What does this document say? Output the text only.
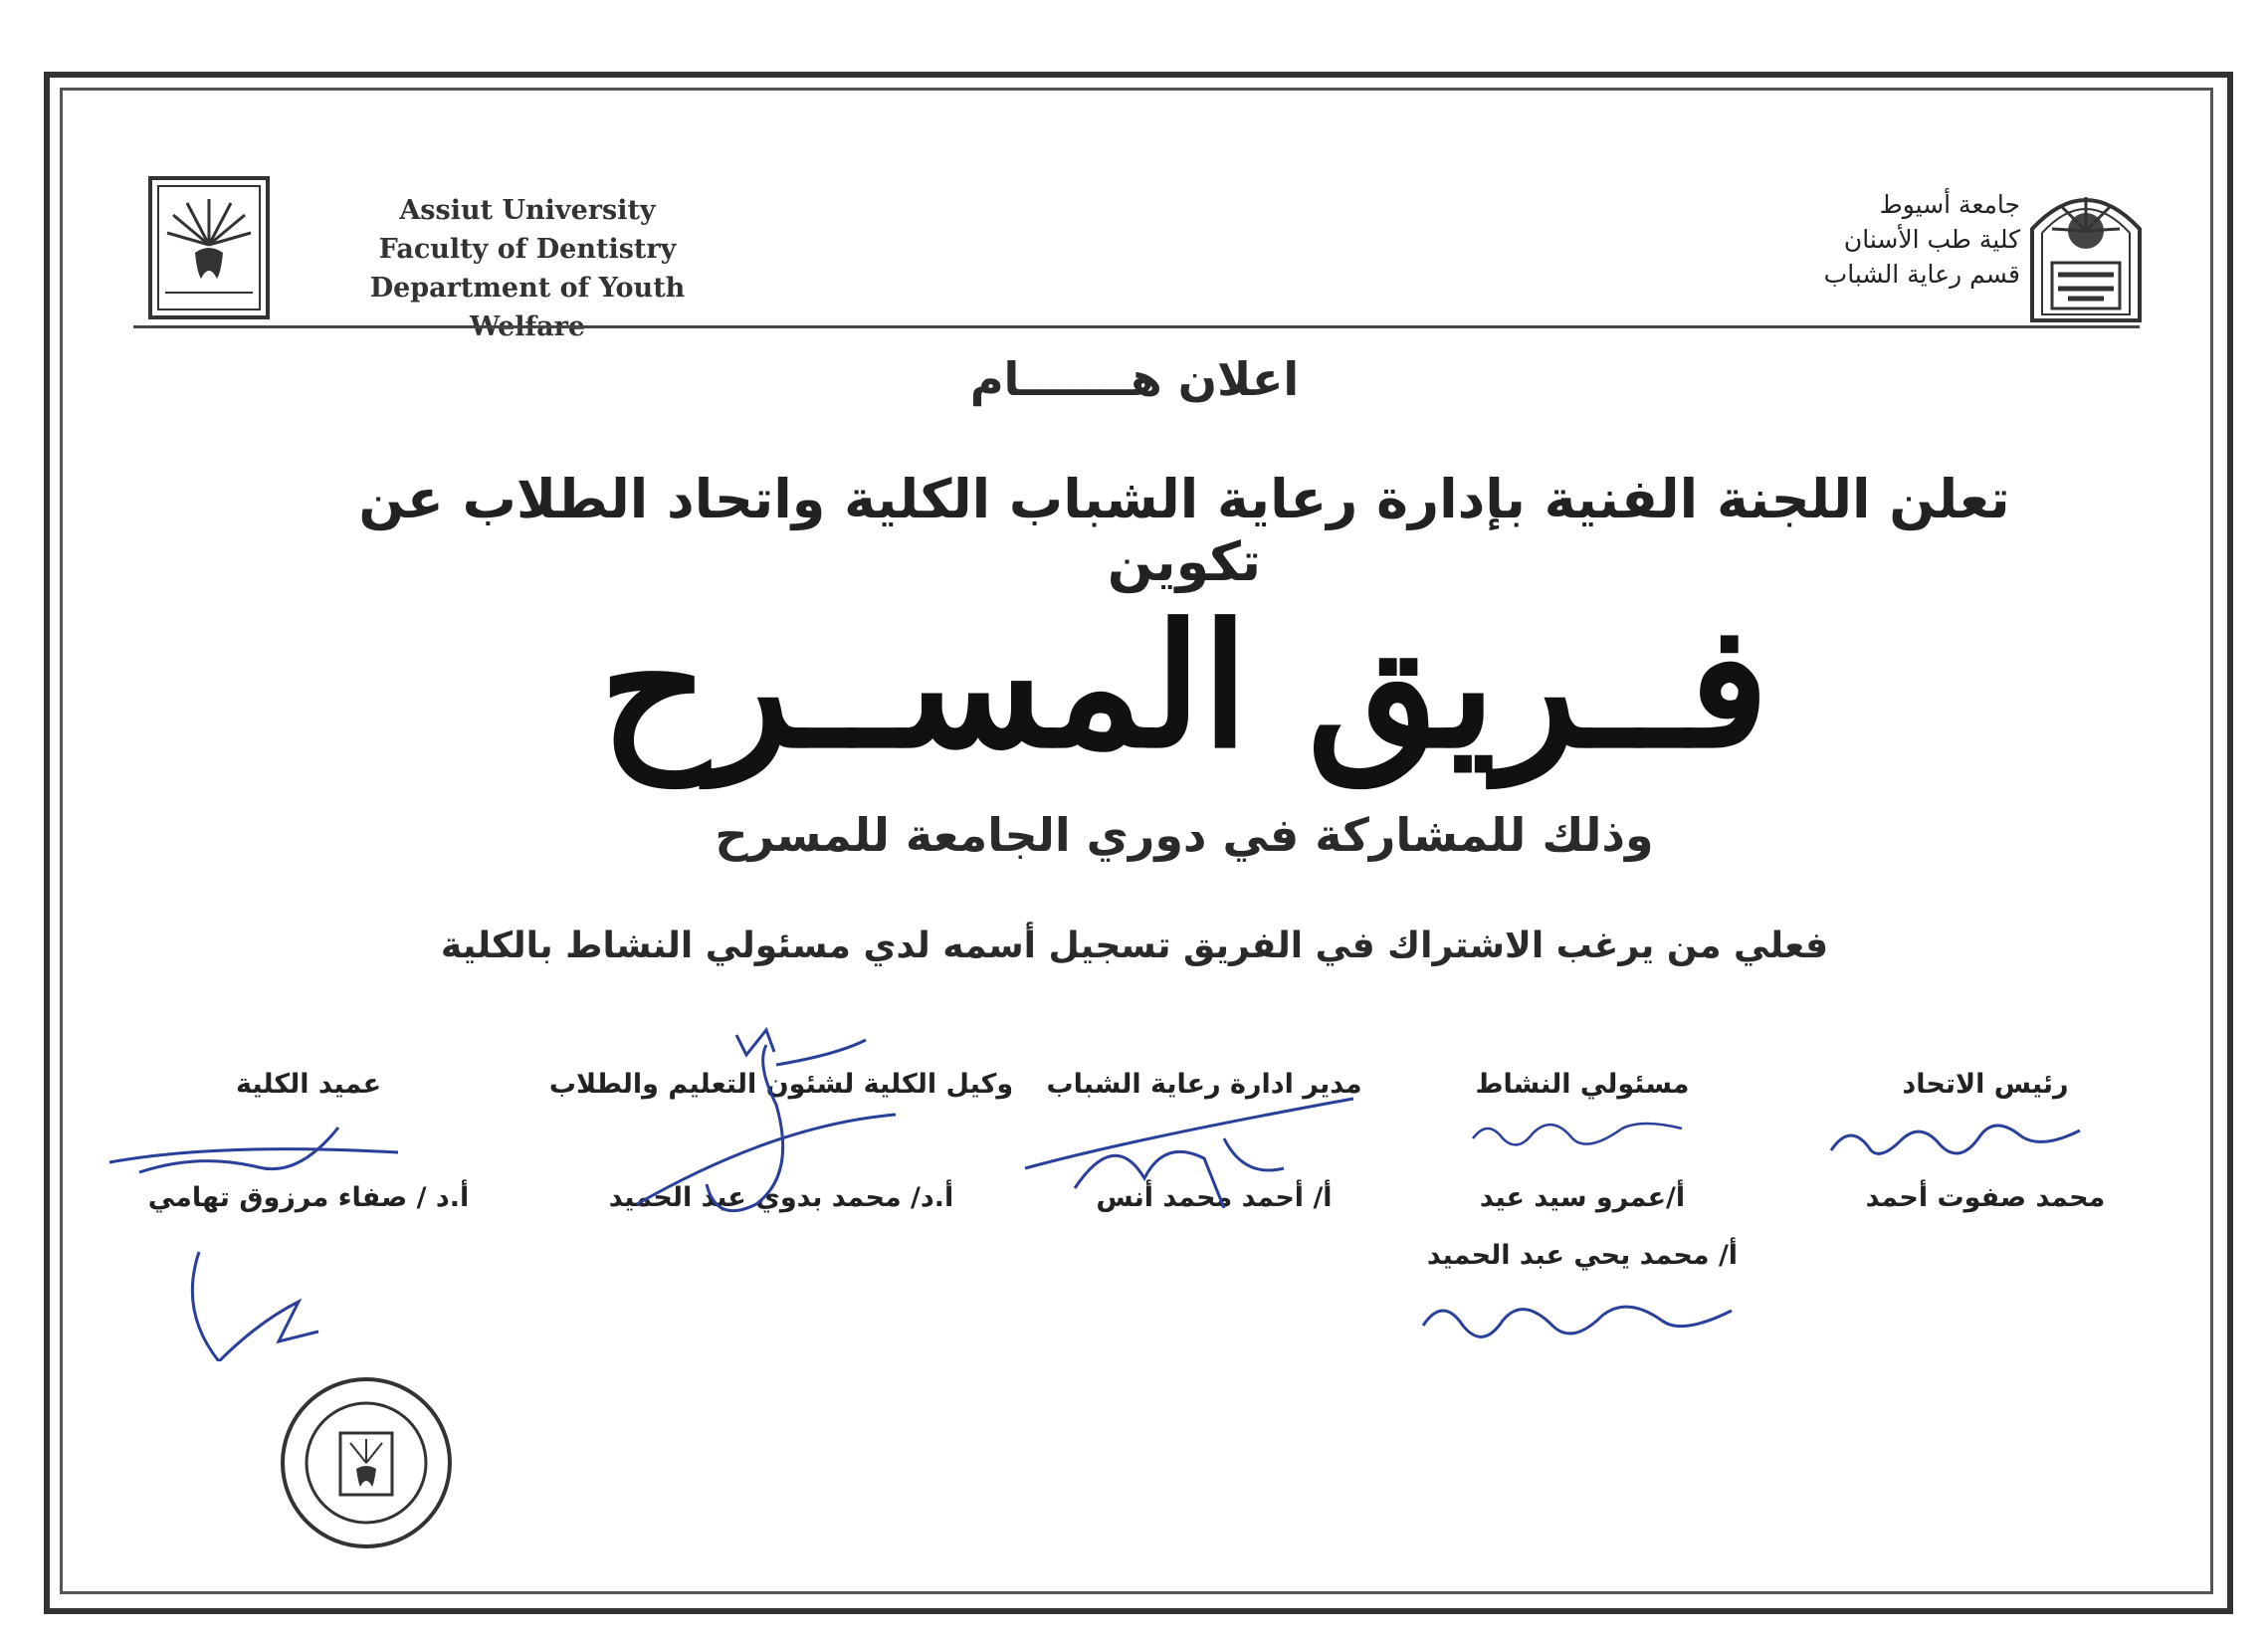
Assiut University
Faculty of Dentistry
Department of Youth Welfare
جامعة أسيوط
كلية طب الأسنان
قسم رعاية الشباب
اعلان هـــــــام
تعلن اللجنة الفنية بإدارة رعاية الشباب الكلية واتحاد الطلاب عن تكوين
فــريق المســرح
وذلك للمشاركة في دوري الجامعة للمسرح
فعلي من يرغب الاشتراك في الفريق تسجيل أسمه لدي مسئولي النشاط بالكلية
رئيس الاتحاد
محمد صفوت أحمد
مسئولي النشاط
أ/عمرو سيد عيد
أ/ محمد يحي عبد الحميد
مدير ادارة رعاية الشباب
أ/ أحمد محمد أنس
وكيل الكلية لشئون التعليم والطلاب
أ.د/ محمد بدوي عبد الحميد
عميد الكلية
أ.د / صفاء مرزوق تهامي
